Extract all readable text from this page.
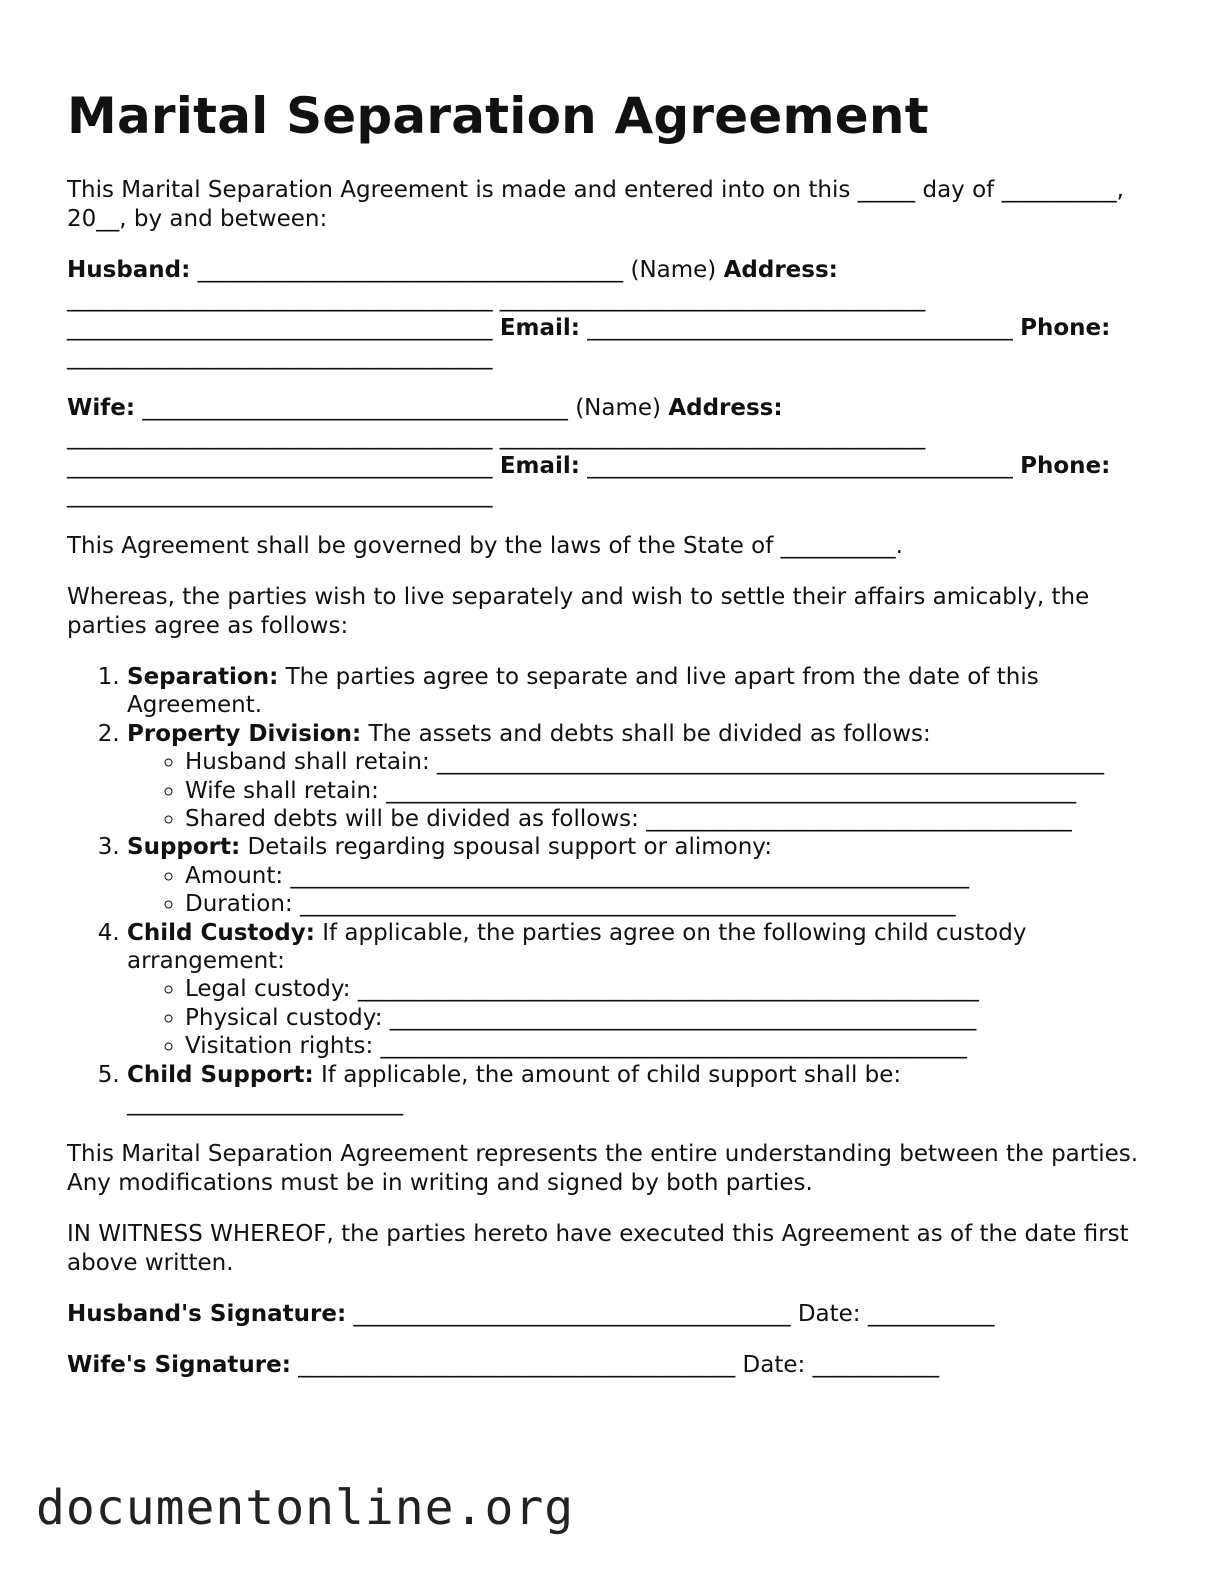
Marital Separation Agreement

This Marital Separation Agreement is made and entered into on this _____ day of __________, 20__, by and between:

Husband: _____________________________________ (Name) Address: _____________________________________ _____________________________________ _____________________________________ Email: _____________________________________ Phone: _____________________________________

Wife: _____________________________________ (Name) Address: _____________________________________ _____________________________________ _____________________________________ Email: _____________________________________ Phone: _____________________________________

This Agreement shall be governed by the laws of the State of __________.

Whereas, the parties wish to live separately and wish to settle their affairs amicably, the parties agree as follows:

1. Separation: The parties agree to separate and live apart from the date of this Agreement.
2. Property Division: The assets and debts shall be divided as follows:
◦ Husband shall retain: __________________________________________________________
◦ Wife shall retain: ____________________________________________________________
◦ Shared debts will be divided as follows: _____________________________________
3. Support: Details regarding spousal support or alimony:
◦ Amount: ___________________________________________________________
◦ Duration: _________________________________________________________
4. Child Custody: If applicable, the parties agree on the following child custody arrangement:
◦ Legal custody: ______________________________________________________
◦ Physical custody: ___________________________________________________
◦ Visitation rights: ___________________________________________________
5. Child Support: If applicable, the amount of child support shall be: ________________________

This Marital Separation Agreement represents the entire understanding between the parties. Any modifications must be in writing and signed by both parties.

IN WITNESS WHEREOF, the parties hereto have executed this Agreement as of the date first above written.

Husband's Signature: ______________________________________ Date: ___________

Wife's Signature: ______________________________________ Date: ___________

documentonline.org
